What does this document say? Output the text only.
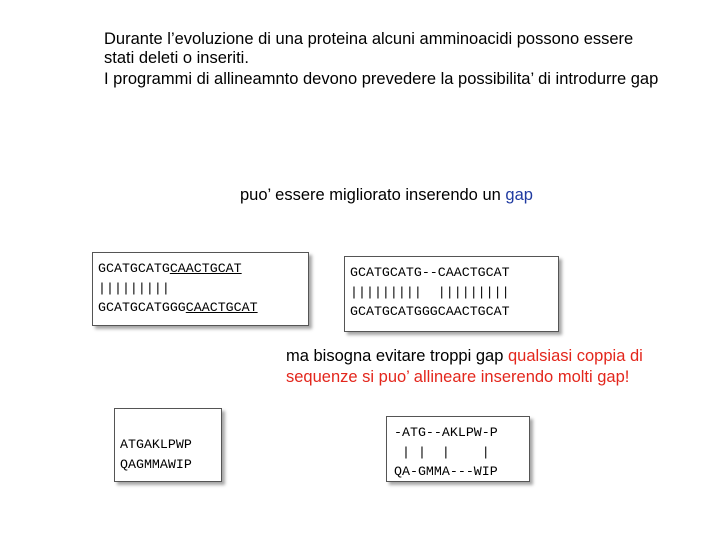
Durante l’evoluzione di una proteina alcuni amminoacidi possono essere stati deleti o inseriti.

I programmi di allineamnto devono prevedere la possibilita’ di introdurre gap

puo’ essere migliorato inserendo un gap
GCATGCATGCAACTGCAT
|||||||||
GCATGCATGGGCAACTGCAT
GCATGCATG--CAACTGCAT
|||||||||  |||||||||
GCATGCATGGGCAACTGCAT
ma bisogna evitare troppi gap qualsiasi coppia di sequenze si puo’ allineare inserendo molti gap!
ATGAKLPWP
QAGMMAWIP
-ATG--AKLPW-P
| |  |    |
QA-GMMA---WIP
